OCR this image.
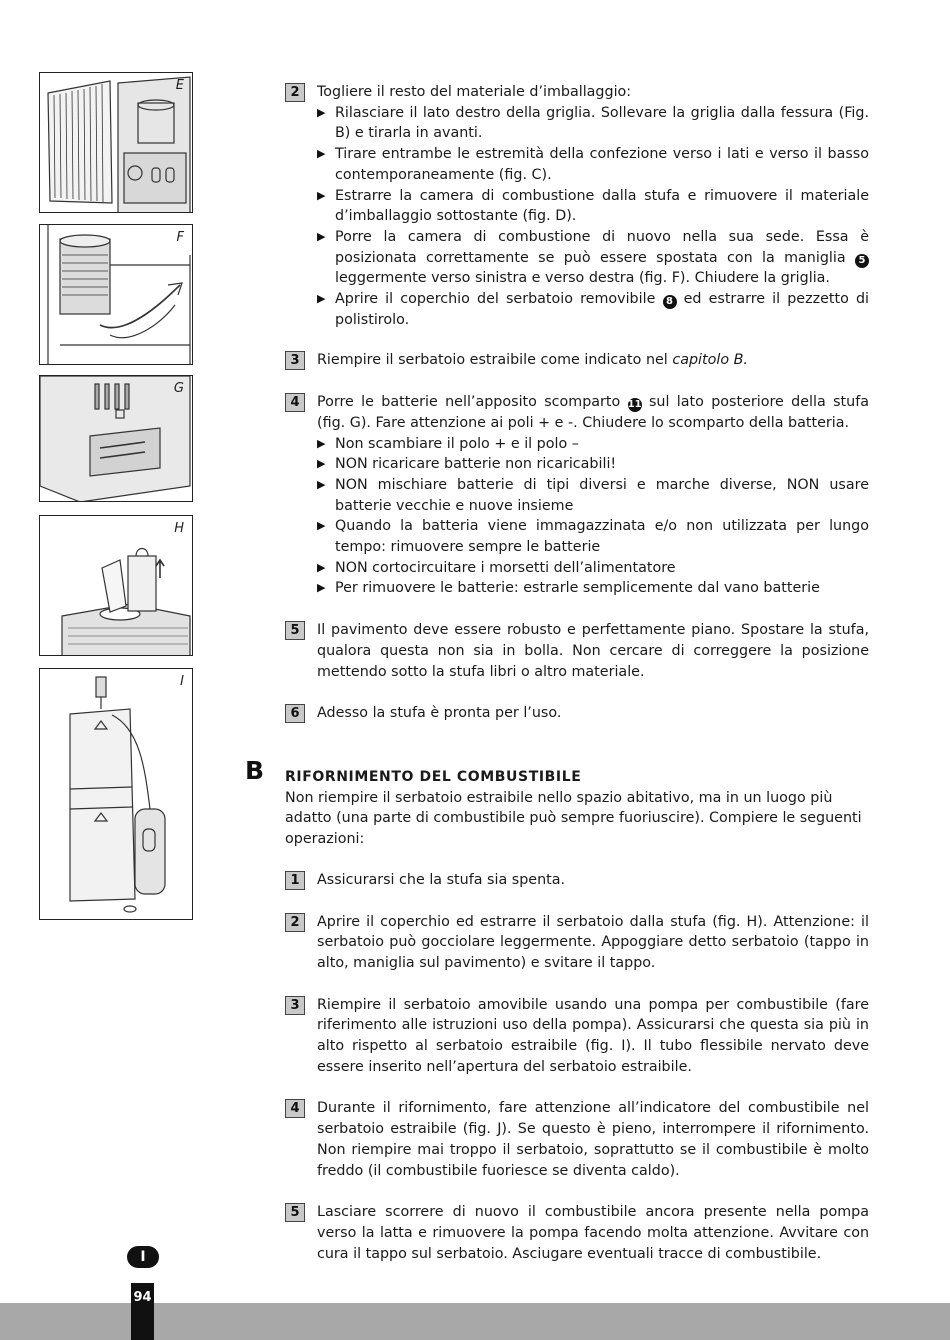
E
F
G
H
I
2	Togliere il resto del materiale d’imballaggio:
▶ Rilasciare il lato destro della griglia. Sollevare la griglia dalla fessura (Fig. B) e tirarla in avanti.
▶ Tirare entrambe le estremità della confezione verso i lati e verso il basso contemporaneamente (fig. C).
▶ Estrarre la camera di combustione dalla stufa e rimuovere il materiale d’imballaggio sottostante (fig. D).
▶ Porre la camera di combustione di nuovo nella sua sede. Essa è posizionata correttamente se può essere spostata con la maniglia 5 leggermente verso sinistra e verso destra (fig. F). Chiudere la griglia.
▶ Aprire il coperchio del serbatoio removibile 8 ed estrarre il pezzetto di polistirolo.
3	Riempire il serbatoio estraibile come indicato nel capitolo B.
4	Porre le batterie nell’apposito scomparto 11 sul lato posteriore della stufa (fig. G). Fare attenzione ai poli + e -. Chiudere lo scomparto della batteria.
▶ Non scambiare il polo + e il polo –
▶ NON ricaricare batterie non ricaricabili!
▶ NON mischiare batterie di tipi diversi e marche diverse, NON usare batterie vecchie e nuove insieme
▶ Quando la batteria viene immagazzinata e/o non utilizzata per lungo tempo: rimuovere sempre le batterie
▶ NON cortocircuitare i morsetti dell’alimentatore
▶ Per rimuovere le batterie: estrarle semplicemente dal vano batterie
5	Il pavimento deve essere robusto e perfettamente piano. Spostare la stufa, qualora questa non sia in bolla. Non cercare di correggere la posizione mettendo sotto la stufa libri o altro materiale.
6	Adesso la stufa è pronta per l’uso.
RIFORNIMENTO DEL COMBUSTIBILE
Non riempire il serbatoio estraibile nello spazio abitativo, ma in un luogo più adatto (una parte di combustibile può sempre fuoriuscire). Compiere le seguenti operazioni:
1	Assicurarsi che la stufa sia spenta.
2	Aprire il coperchio ed estrarre il serbatoio dalla stufa (fig. H). Attenzione: il serbatoio può gocciolare leggermente. Appoggiare detto serbatoio (tappo in alto, maniglia sul pavimento) e svitare il tappo.
3	Riempire il serbatoio amovibile usando una pompa per combustibile (fare riferimento alle istruzioni uso della pompa). Assicurarsi che questa sia più in alto rispetto al serbatoio estraibile (fig. I). Il tubo flessibile nervato deve essere inserito nell’apertura del serbatoio estraibile.
4	Durante il rifornimento, fare attenzione all’indicatore del combustibile nel serbatoio estraibile (fig. J). Se questo è pieno, interrompere il rifornimento. Non riempire mai troppo il serbatoio, soprattutto se il combustibile è molto freddo (il combustibile fuoriesce se diventa caldo).
5	Lasciare scorrere di nuovo il combustibile ancora presente nella pompa verso la latta e rimuovere la pompa facendo molta attenzione. Avvitare con cura il tappo sul serbatoio. Asciugare eventuali tracce di combustibile.
B
I
94
